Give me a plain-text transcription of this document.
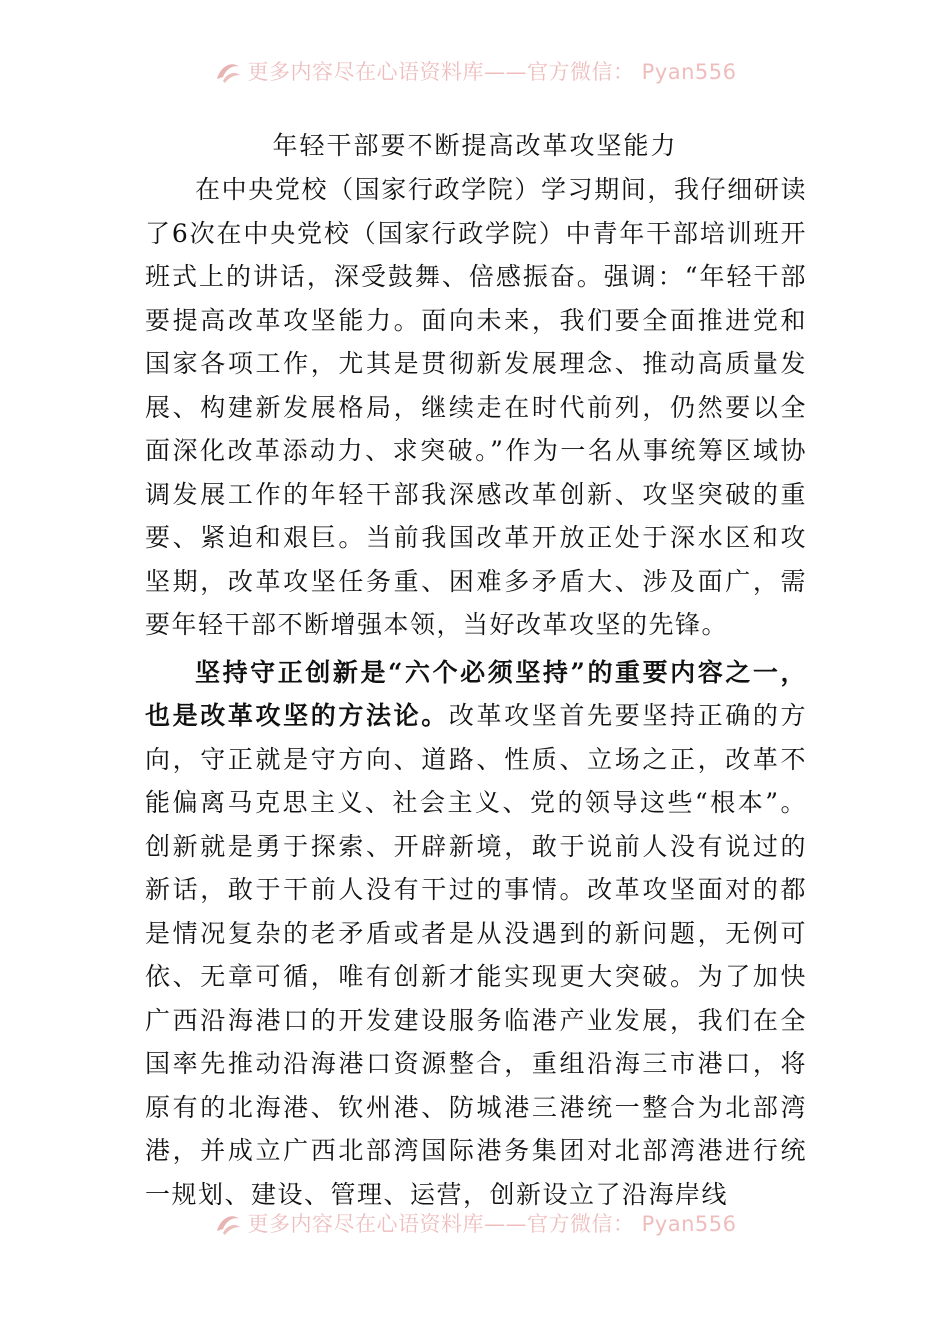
更多内容尽在心语资料库——官方微信： Pyan556
年轻干部要不断提高改革攻坚能力

在中央党校（国家行政学院）学习期间，我仔细研读了6次在中央党校（国家行政学院）中青年干部培训班开班式上的讲话，深受鼓舞、倍感振奋。强调：“年轻干部要提高改革攻坚能力。面向未来，我们要全面推进党和国家各项工作，尤其是贯彻新发展理念、推动高质量发展、构建新发展格局，继续走在时代前列，仍然要以全面深化改革添动力、求突破。”作为一名从事统筹区域协调发展工作的年轻干部我深感改革创新、攻坚突破的重要、紧迫和艰巨。当前我国改革开放正处于深水区和攻坚期，改革攻坚任务重、困难多矛盾大、涉及面广，需要年轻干部不断增强本领，当好改革攻坚的先锋。

坚持守正创新是“六个必须坚持”的重要内容之一，也是改革攻坚的方法论。改革攻坚首先要坚持正确的方向，守正就是守方向、道路、性质、立场之正，改革不能偏离马克思主义、社会主义、党的领导这些“根本”。创新就是勇于探索、开辟新境，敢于说前人没有说过的新话，敢于干前人没有干过的事情。改革攻坚面对的都是情况复杂的老矛盾或者是从没遇到的新问题，无例可依、无章可循，唯有创新才能实现更大突破。为了加快广西沿海港口的开发建设服务临港产业发展，我们在全国率先推动沿海港口资源整合，重组沿海三市港口，将原有的北海港、钦州港、防城港三港统一整合为北部湾港，并成立广西北部湾国际港务集团对北部湾港进行统一规划、建设、管理、运营，创新设立了沿海岸线

更多内容尽在心语资料库——官方微信： Pyan556
